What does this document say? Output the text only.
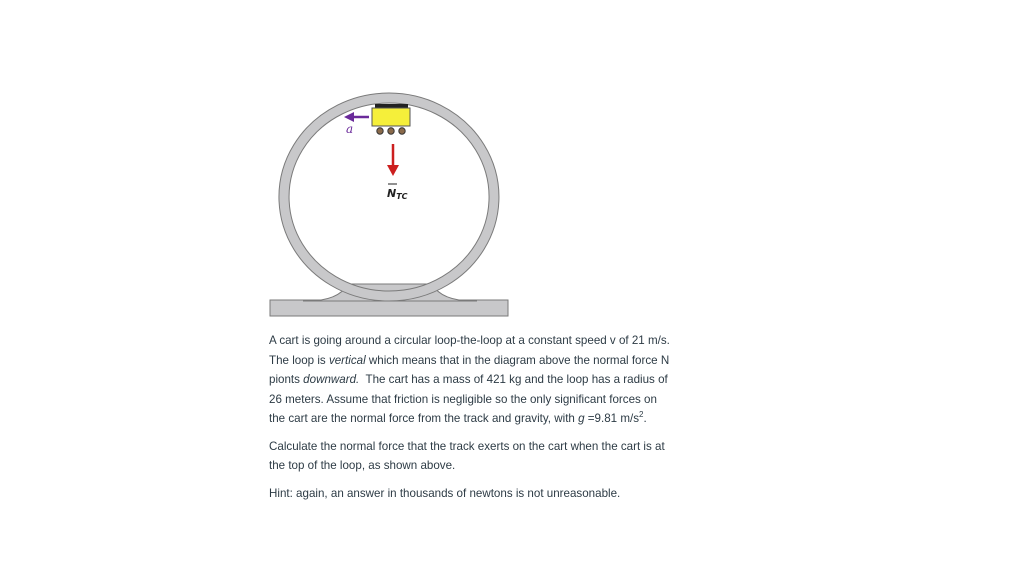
a
NTC

A cart is going around a circular loop-the-loop at a constant speed v of 21 m/s.
The loop is vertical which means that in the diagram above the normal force N
pionts downward.  The cart has a mass of 421 kg and the loop has a radius of
26 meters. Assume that friction is negligible so the only significant forces on
the cart are the normal force from the track and gravity, with g =9.81 $m/s^2$.

Calculate the normal force that the track exerts on the cart when the cart is at
the top of the loop, as shown above.

Hint: again, an answer in thousands of newtons is not unreasonable.
